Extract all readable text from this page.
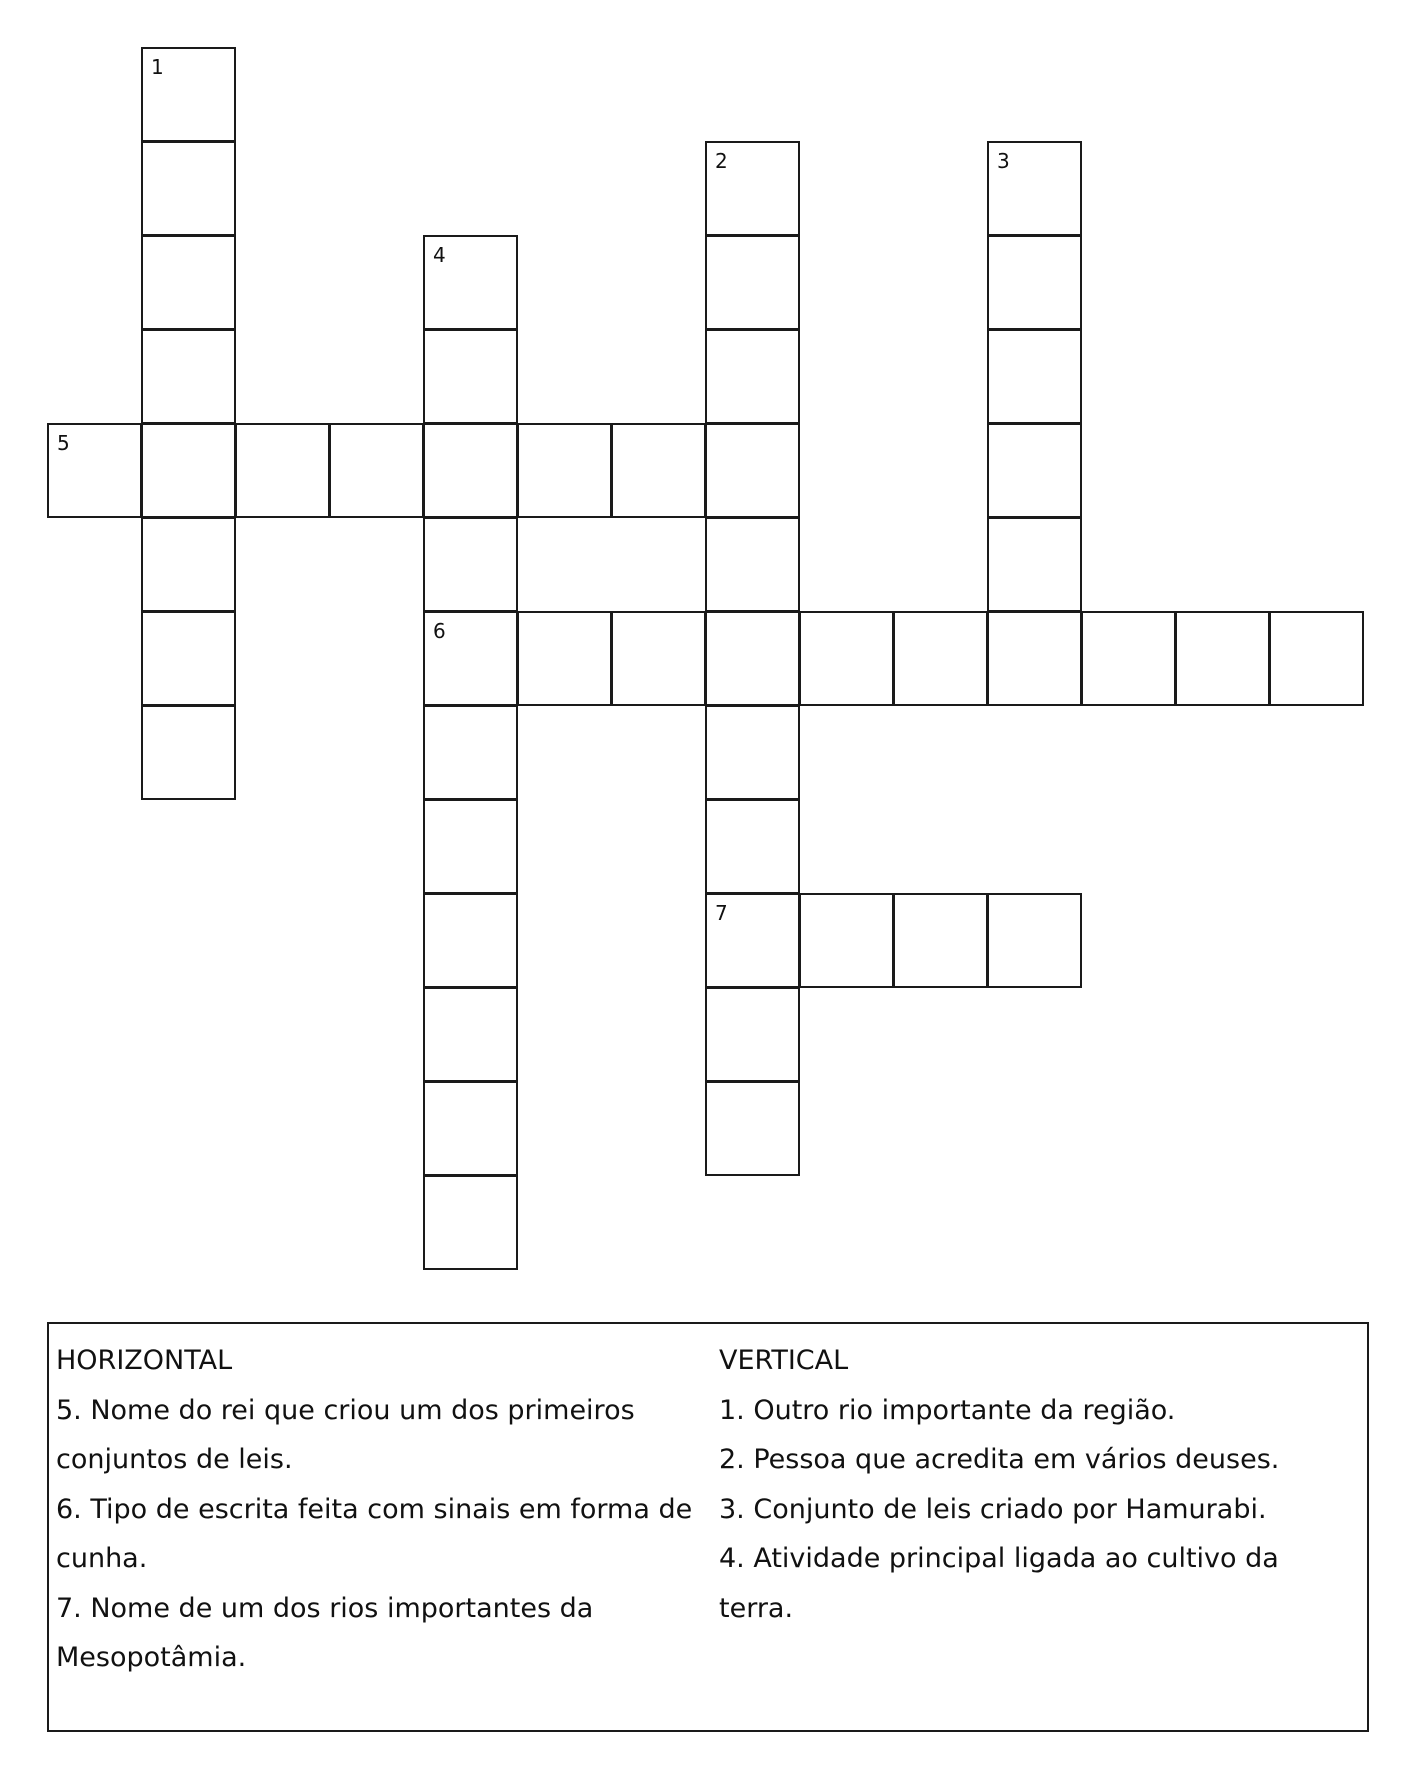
1
2	3
4
5
6
7
HORIZONTAL
5. Nome do rei que criou um dos primeiros
conjuntos de leis.
6. Tipo de escrita feita com sinais em forma de
cunha.
7. Nome de um dos rios importantes da
Mesopotâmia.
VERTICAL
1. Outro rio importante da região.
2. Pessoa que acredita em vários deuses.
3. Conjunto de leis criado por Hamurabi.
4. Atividade principal ligada ao cultivo da
terra.
